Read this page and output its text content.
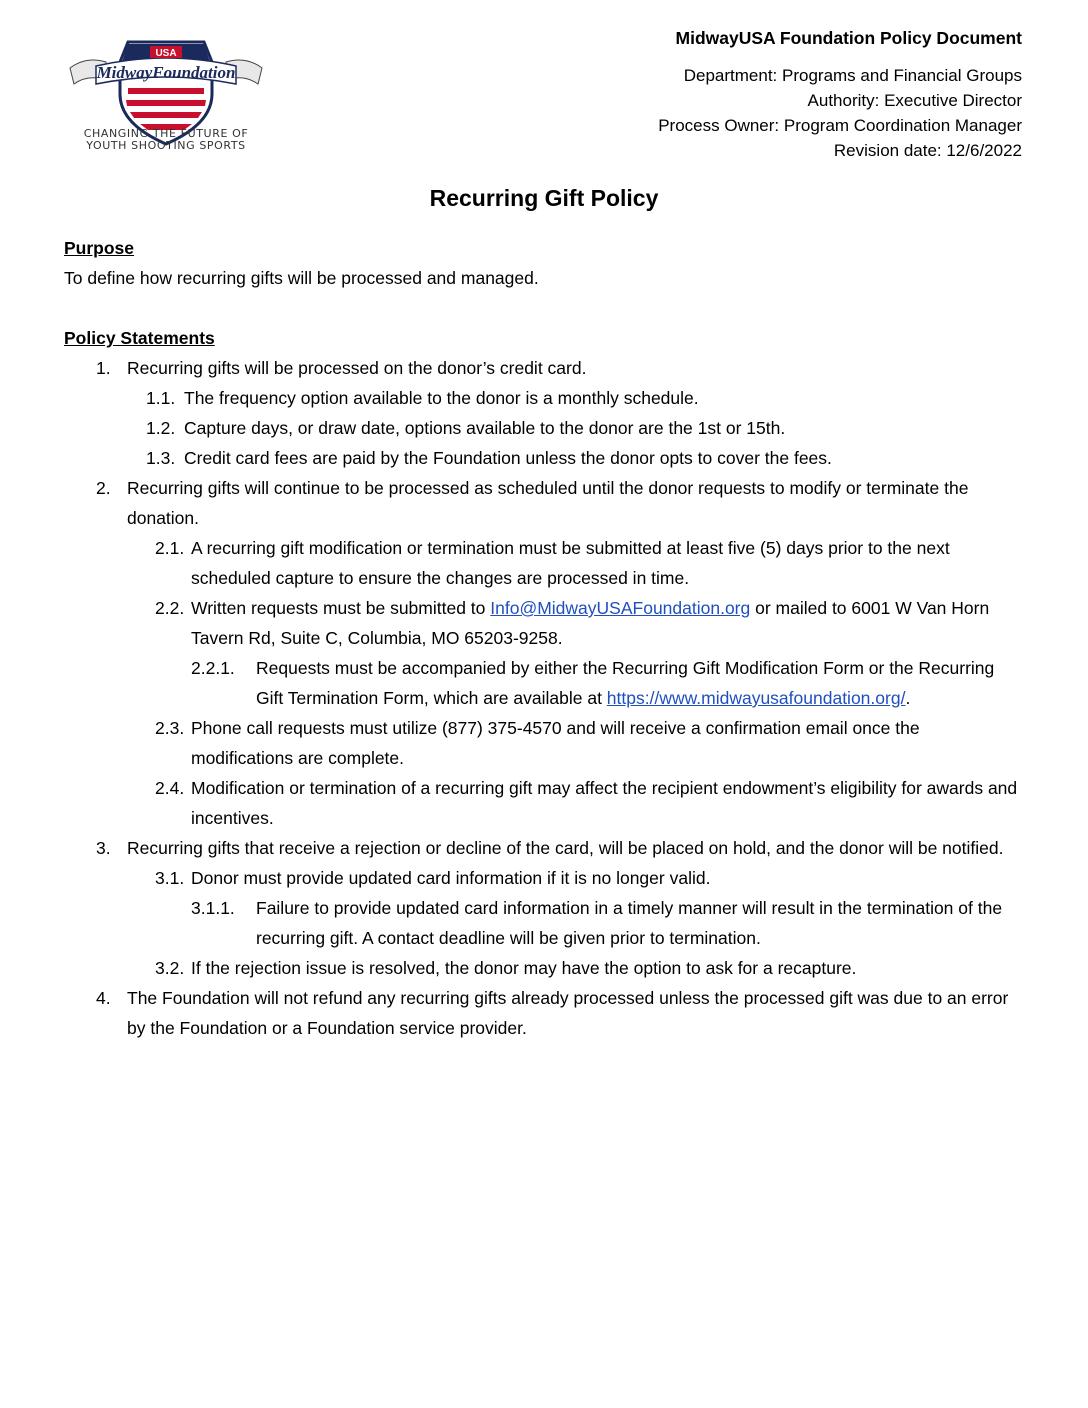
USA
MidwayFoundation
CHANGING THE FUTURE OF
YOUTH SHOOTING SPORTS
MidwayUSA Foundation Policy Document
Department: Programs and Financial Groups
Authority: Executive Director
Process Owner: Program Coordination Manager
Revision date: 12/6/2022
Recurring Gift Policy
Purpose
To define how recurring gifts will be processed and managed.
Policy Statements
1. Recurring gifts will be processed on the donor’s credit card.
1.1. The frequency option available to the donor is a monthly schedule.
1.2. Capture days, or draw date, options available to the donor are the 1st or 15th.
1.3. Credit card fees are paid by the Foundation unless the donor opts to cover the fees.
2. Recurring gifts will continue to be processed as scheduled until the donor requests to modify or terminate the donation.
2.1. A recurring gift modification or termination must be submitted at least five (5) days prior to the next scheduled capture to ensure the changes are processed in time.
2.2. Written requests must be submitted to Info@MidwayUSAFoundation.org or mailed to 6001 W Van Horn Tavern Rd, Suite C, Columbia, MO 65203-9258.
2.2.1. Requests must be accompanied by either the Recurring Gift Modification Form or the Recurring Gift Termination Form, which are available at https://www.midwayusafoundation.org/.
2.3. Phone call requests must utilize (877) 375-4570 and will receive a confirmation email once the modifications are complete.
2.4. Modification or termination of a recurring gift may affect the recipient endowment’s eligibility for awards and incentives.
3. Recurring gifts that receive a rejection or decline of the card, will be placed on hold, and the donor will be notified.
3.1. Donor must provide updated card information if it is no longer valid.
3.1.1. Failure to provide updated card information in a timely manner will result in the termination of the recurring gift. A contact deadline will be given prior to termination.
3.2. If the rejection issue is resolved, the donor may have the option to ask for a recapture.
4. The Foundation will not refund any recurring gifts already processed unless the processed gift was due to an error by the Foundation or a Foundation service provider.
